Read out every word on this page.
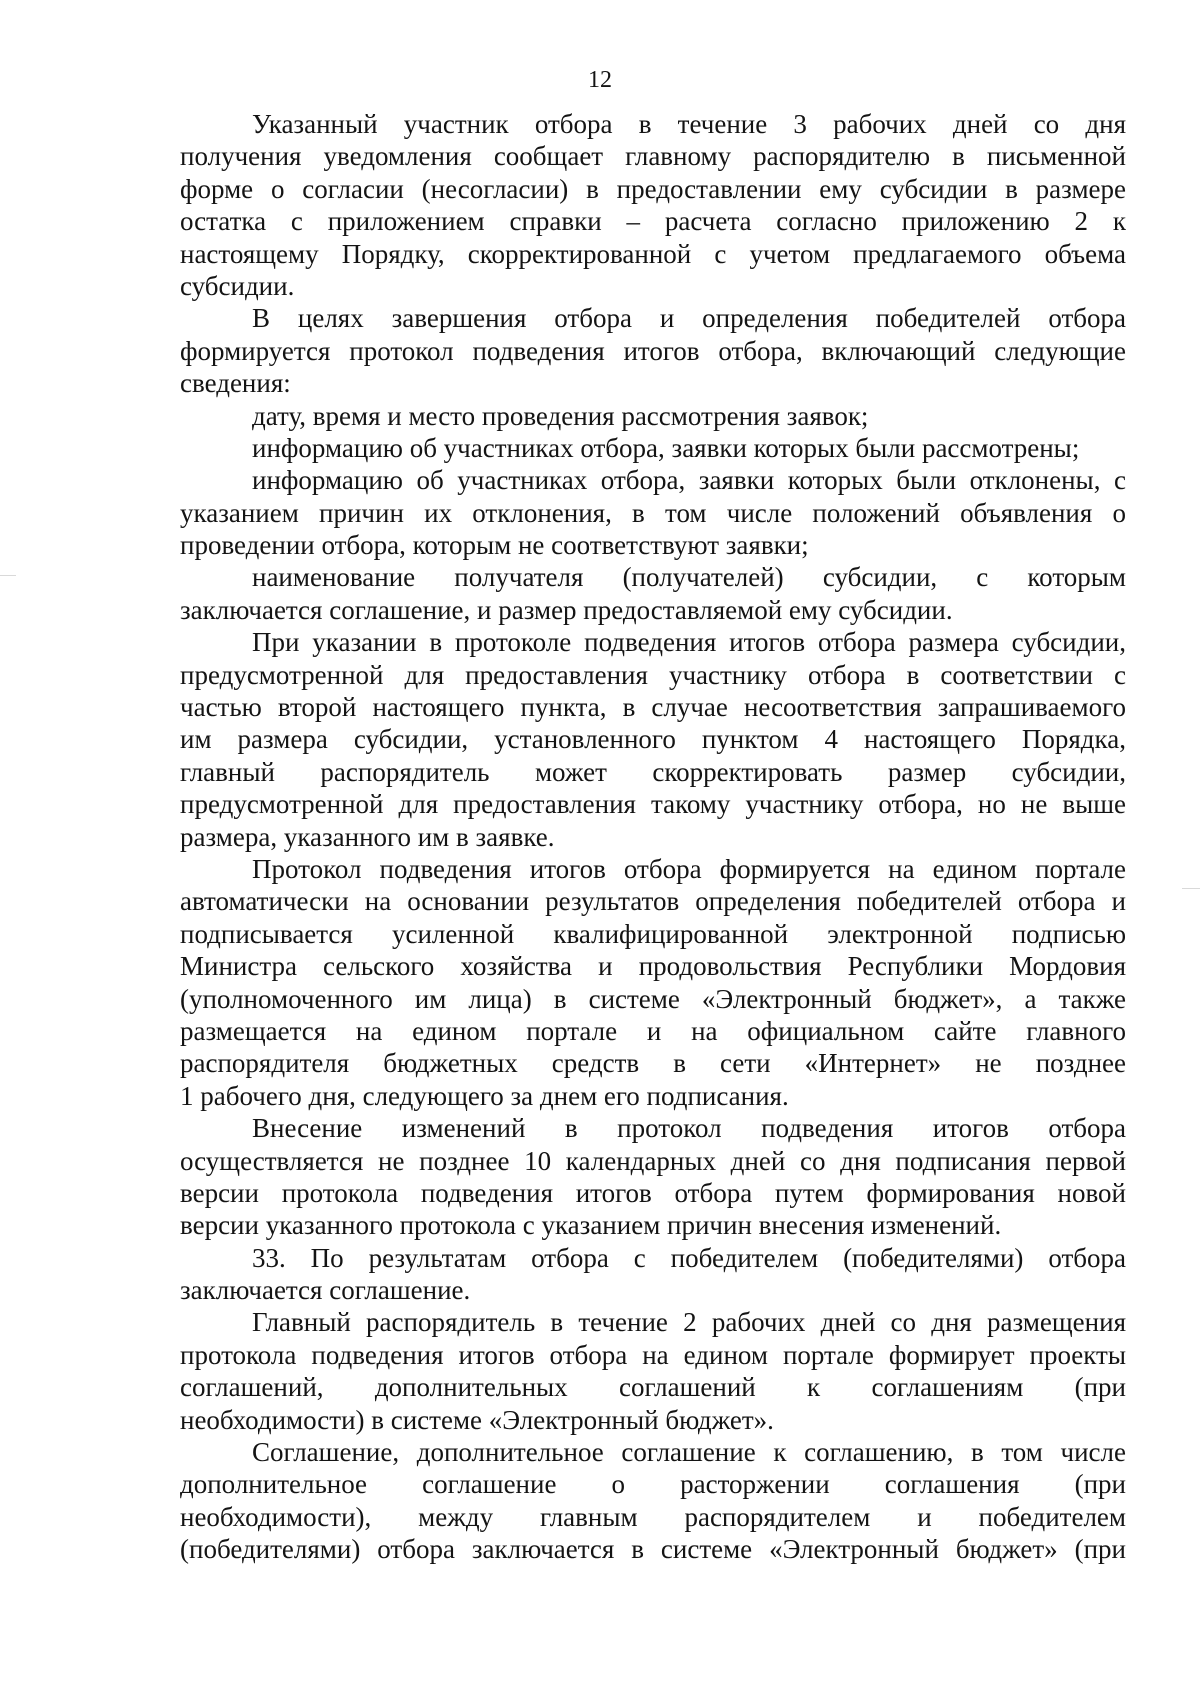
12
Указанный участник отбора в течение 3 рабочих дней со дня
получения уведомления сообщает главному распорядителю в письменной
форме о согласии (несогласии) в предоставлении ему субсидии в размере
остатка с приложением справки – расчета согласно приложению 2 к
настоящему Порядку, скорректированной с учетом предлагаемого объема
субсидии.
В целях завершения отбора и определения победителей отбора
формируется протокол подведения итогов отбора, включающий следующие
сведения:
дату, время и место проведения рассмотрения заявок;
информацию об участниках отбора, заявки которых были рассмотрены;
информацию об участниках отбора, заявки которых были отклонены, с
указанием причин их отклонения, в том числе положений объявления о
проведении отбора, которым не соответствуют заявки;
наименование получателя (получателей) субсидии, с которым
заключается соглашение, и размер предоставляемой ему субсидии.
При указании в протоколе подведения итогов отбора размера субсидии,
предусмотренной для предоставления участнику отбора в соответствии с
частью второй настоящего пункта, в случае несоответствия запрашиваемого
им размера субсидии, установленного пунктом 4 настоящего Порядка,
главный распорядитель может скорректировать размер субсидии,
предусмотренной для предоставления такому участнику отбора, но не выше
размера, указанного им в заявке.
Протокол подведения итогов отбора формируется на едином портале
автоматически на основании результатов определения победителей отбора и
подписывается усиленной квалифицированной электронной подписью
Министра сельского хозяйства и продовольствия Республики Мордовия
(уполномоченного им лица) в системе «Электронный бюджет», а также
размещается на едином портале и на официальном сайте главного
распорядителя бюджетных средств в сети «Интернет» не позднее
1 рабочего дня, следующего за днем его подписания.
Внесение изменений в протокол подведения итогов отбора
осуществляется не позднее 10 календарных дней со дня подписания первой
версии протокола подведения итогов отбора путем формирования новой
версии указанного протокола с указанием причин внесения изменений.
33. По результатам отбора с победителем (победителями) отбора
заключается соглашение.
Главный распорядитель в течение 2 рабочих дней со дня размещения
протокола подведения итогов отбора на едином портале формирует проекты
соглашений, дополнительных соглашений к соглашениям (при
необходимости) в системе «Электронный бюджет».
Соглашение, дополнительное соглашение к соглашению, в том числе
дополнительное соглашение о расторжении соглашения (при
необходимости), между главным распорядителем и победителем
(победителями) отбора заключается в системе «Электронный бюджет» (при
